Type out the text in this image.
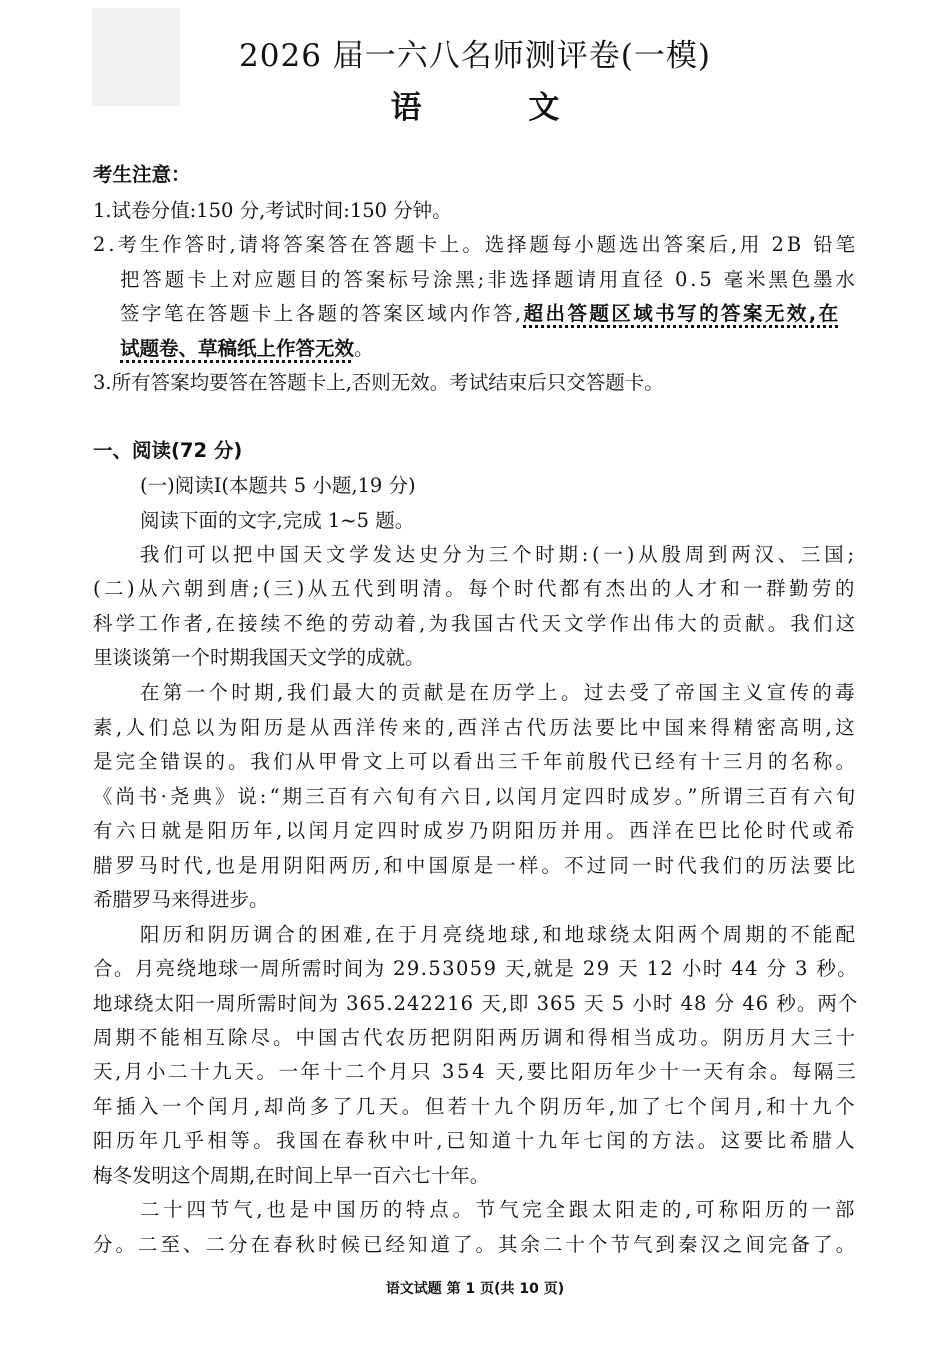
2026 届一六八名师测评卷(一模)
语 文
考生注意：
1.试卷分值:150 分,考试时间:150 分钟。
2.考生作答时,请将答案答在答题卡上。选择题每小题选出答案后,用 2B 铅笔
把答题卡上对应题目的答案标号涂黑;非选择题请用直径 0.5 毫米黑色墨水
签字笔在答题卡上各题的答案区域内作答,超出答题区域书写的答案无效,在
试题卷、草稿纸上作答无效。
3.所有答案均要答在答题卡上,否则无效。考试结束后只交答题卡。
一、阅读(72 分)
(一)阅读Ⅰ(本题共 5 小题,19 分)
阅读下面的文字,完成 1~5 题。
我们可以把中国天文学发达史分为三个时期:(一)从殷周到两汉、三国;
(二)从六朝到唐;(三)从五代到明清。每个时代都有杰出的人才和一群勤劳的
科学工作者,在接续不绝的劳动着,为我国古代天文学作出伟大的贡献。我们这
里谈谈第一个时期我国天文学的成就。
在第一个时期,我们最大的贡献是在历学上。过去受了帝国主义宣传的毒
素,人们总以为阳历是从西洋传来的,西洋古代历法要比中国来得精密高明,这
是完全错误的。我们从甲骨文上可以看出三千年前殷代已经有十三月的名称。
《尚书·尧典》说:“期三百有六旬有六日,以闰月定四时成岁。”所谓三百有六旬
有六日就是阳历年,以闰月定四时成岁乃阴阳历并用。西洋在巴比伦时代或希
腊罗马时代,也是用阴阳两历,和中国原是一样。不过同一时代我们的历法要比
希腊罗马来得进步。
阳历和阴历调合的困难,在于月亮绕地球,和地球绕太阳两个周期的不能配
合。月亮绕地球一周所需时间为 29.53059 天,就是 29 天 12 小时 44 分 3 秒。
地球绕太阳一周所需时间为 365.242216 天,即 365 天 5 小时 48 分 46 秒。两个
周期不能相互除尽。中国古代农历把阴阳两历调和得相当成功。阴历月大三十
天,月小二十九天。一年十二个月只 354 天,要比阳历年少十一天有余。每隔三
年插入一个闰月,却尚多了几天。但若十九个阴历年,加了七个闰月,和十九个
阳历年几乎相等。我国在春秋中叶,已知道十九年七闰的方法。这要比希腊人
梅冬发明这个周期,在时间上早一百六七十年。
二十四节气,也是中国历的特点。节气完全跟太阳走的,可称阳历的一部
分。二至、二分在春秋时候已经知道了。其余二十个节气到秦汉之间完备了。
语文试题 第 1 页(共 10 页)
